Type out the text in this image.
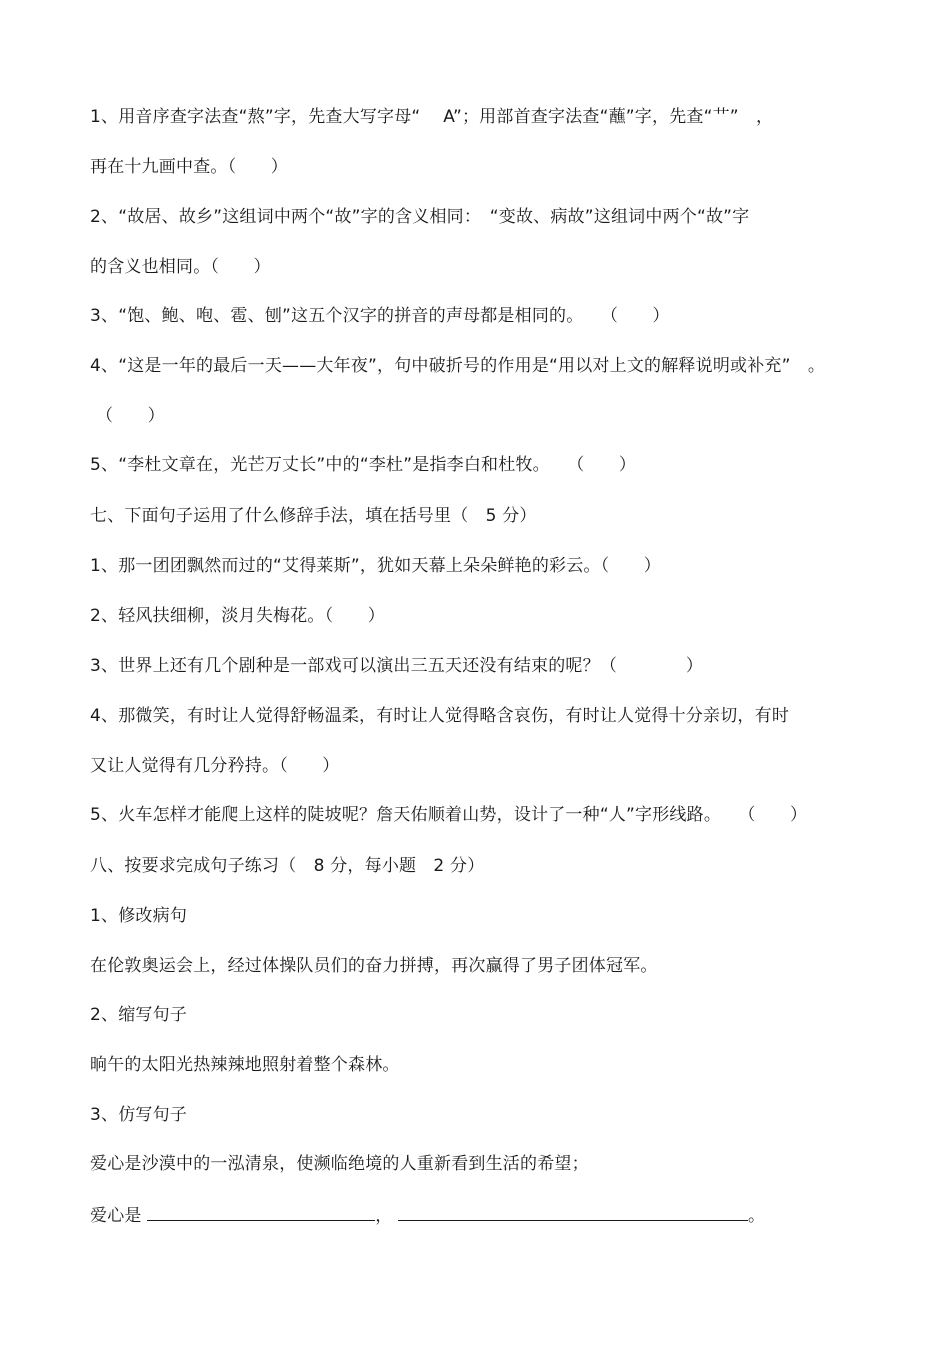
1、用音序查字法查“熬”字，先查大写字母“　 A”；用部首查字法查“蘸”字，先查“艹”　，
再在十九画中查。（　　）
2、“故居、故乡”这组词中两个“故”字的含义相同：　“变故、病故”这组词中两个“故”字
的含义也相同。（　　）
3、“饱、鲍、咆、雹、刨”这五个汉字的拼音的声母都是相同的。　　（　　）
4、“这是一年的最后一天——大年夜”，句中破折号的作用是“用以对上文的解释说明或补充”　。
（　　）
5、“李杜文章在，光芒万丈长”中的“李杜”是指李白和杜牧。　　（　　）
七、下面句子运用了什么修辞手法，填在括号里（　5 分）
1、那一团团飘然而过的“艾得莱斯”，犹如天幕上朵朵鲜艳的彩云。（　　）
2、轻风扶细柳，淡月失梅花。（　　）
3、世界上还有几个剧种是一部戏可以演出三五天还没有结束的呢？（　　　　）
4、那微笑，有时让人觉得舒畅温柔，有时让人觉得略含哀伤，有时让人觉得十分亲切，有时
又让人觉得有几分矜持。（　　）
5、火车怎样才能爬上这样的陡坡呢？詹天佑顺着山势，设计了一种“人”字形线路。　　（　　）
八、按要求完成句子练习（　8 分，每小题　2 分）
1、修改病句
在伦敦奥运会上，经过体操队员们的奋力拼搏，再次赢得了男子团体冠军。
2、缩写句子
晌午的太阳光热辣辣地照射着整个森林。
3、仿写句子
爱心是沙漠中的一泓清泉，使濒临绝境的人重新看到生活的希望；
爱心是	，	。
